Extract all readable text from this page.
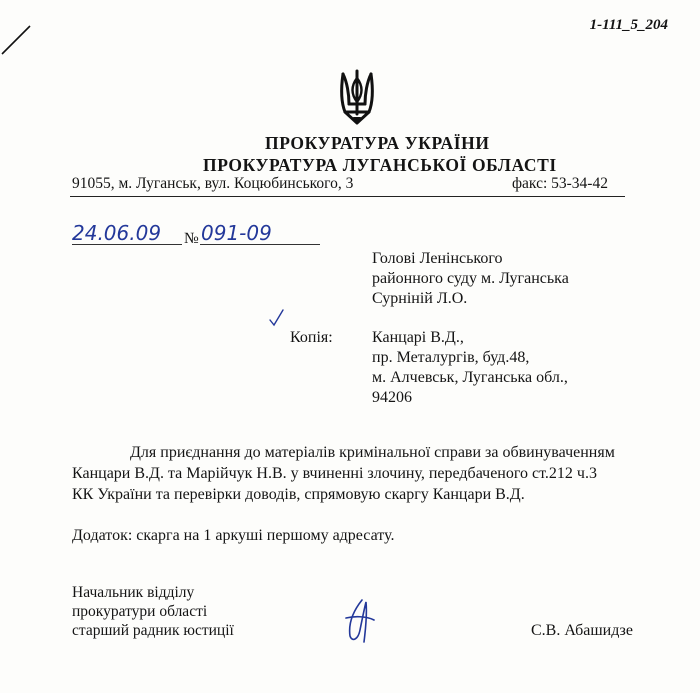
1-111_5_204
ПРОКУРАТУРА УКРАЇНИ
ПРОКУРАТУРА ЛУГАНСЬКОЇ ОБЛАСТІ
91055, м. Луганськ, вул. Коцюбинського, 3	факс: 53-34-42
24.06.09 № 091-09
Голові Ленінського
районного суду м. Луганська
Сурніній Л.О.
Копія: Канцарі В.Д.,
пр. Металургів, буд.48,
м. Алчевськ, Луганська обл.,
94206
Для приєднання до матеріалів кримінальної справи за обвинуваченням
Канцари В.Д. та Марійчук Н.В. у вчиненні злочину, передбаченого ст.212 ч.3
КК України та перевірки доводів, спрямовую скаргу Канцари В.Д.
Додаток: скарга на 1 аркуші першому адресату.
Начальник відділу
прокуратури області
старший радник юстиції	С.В. Абашидзе
